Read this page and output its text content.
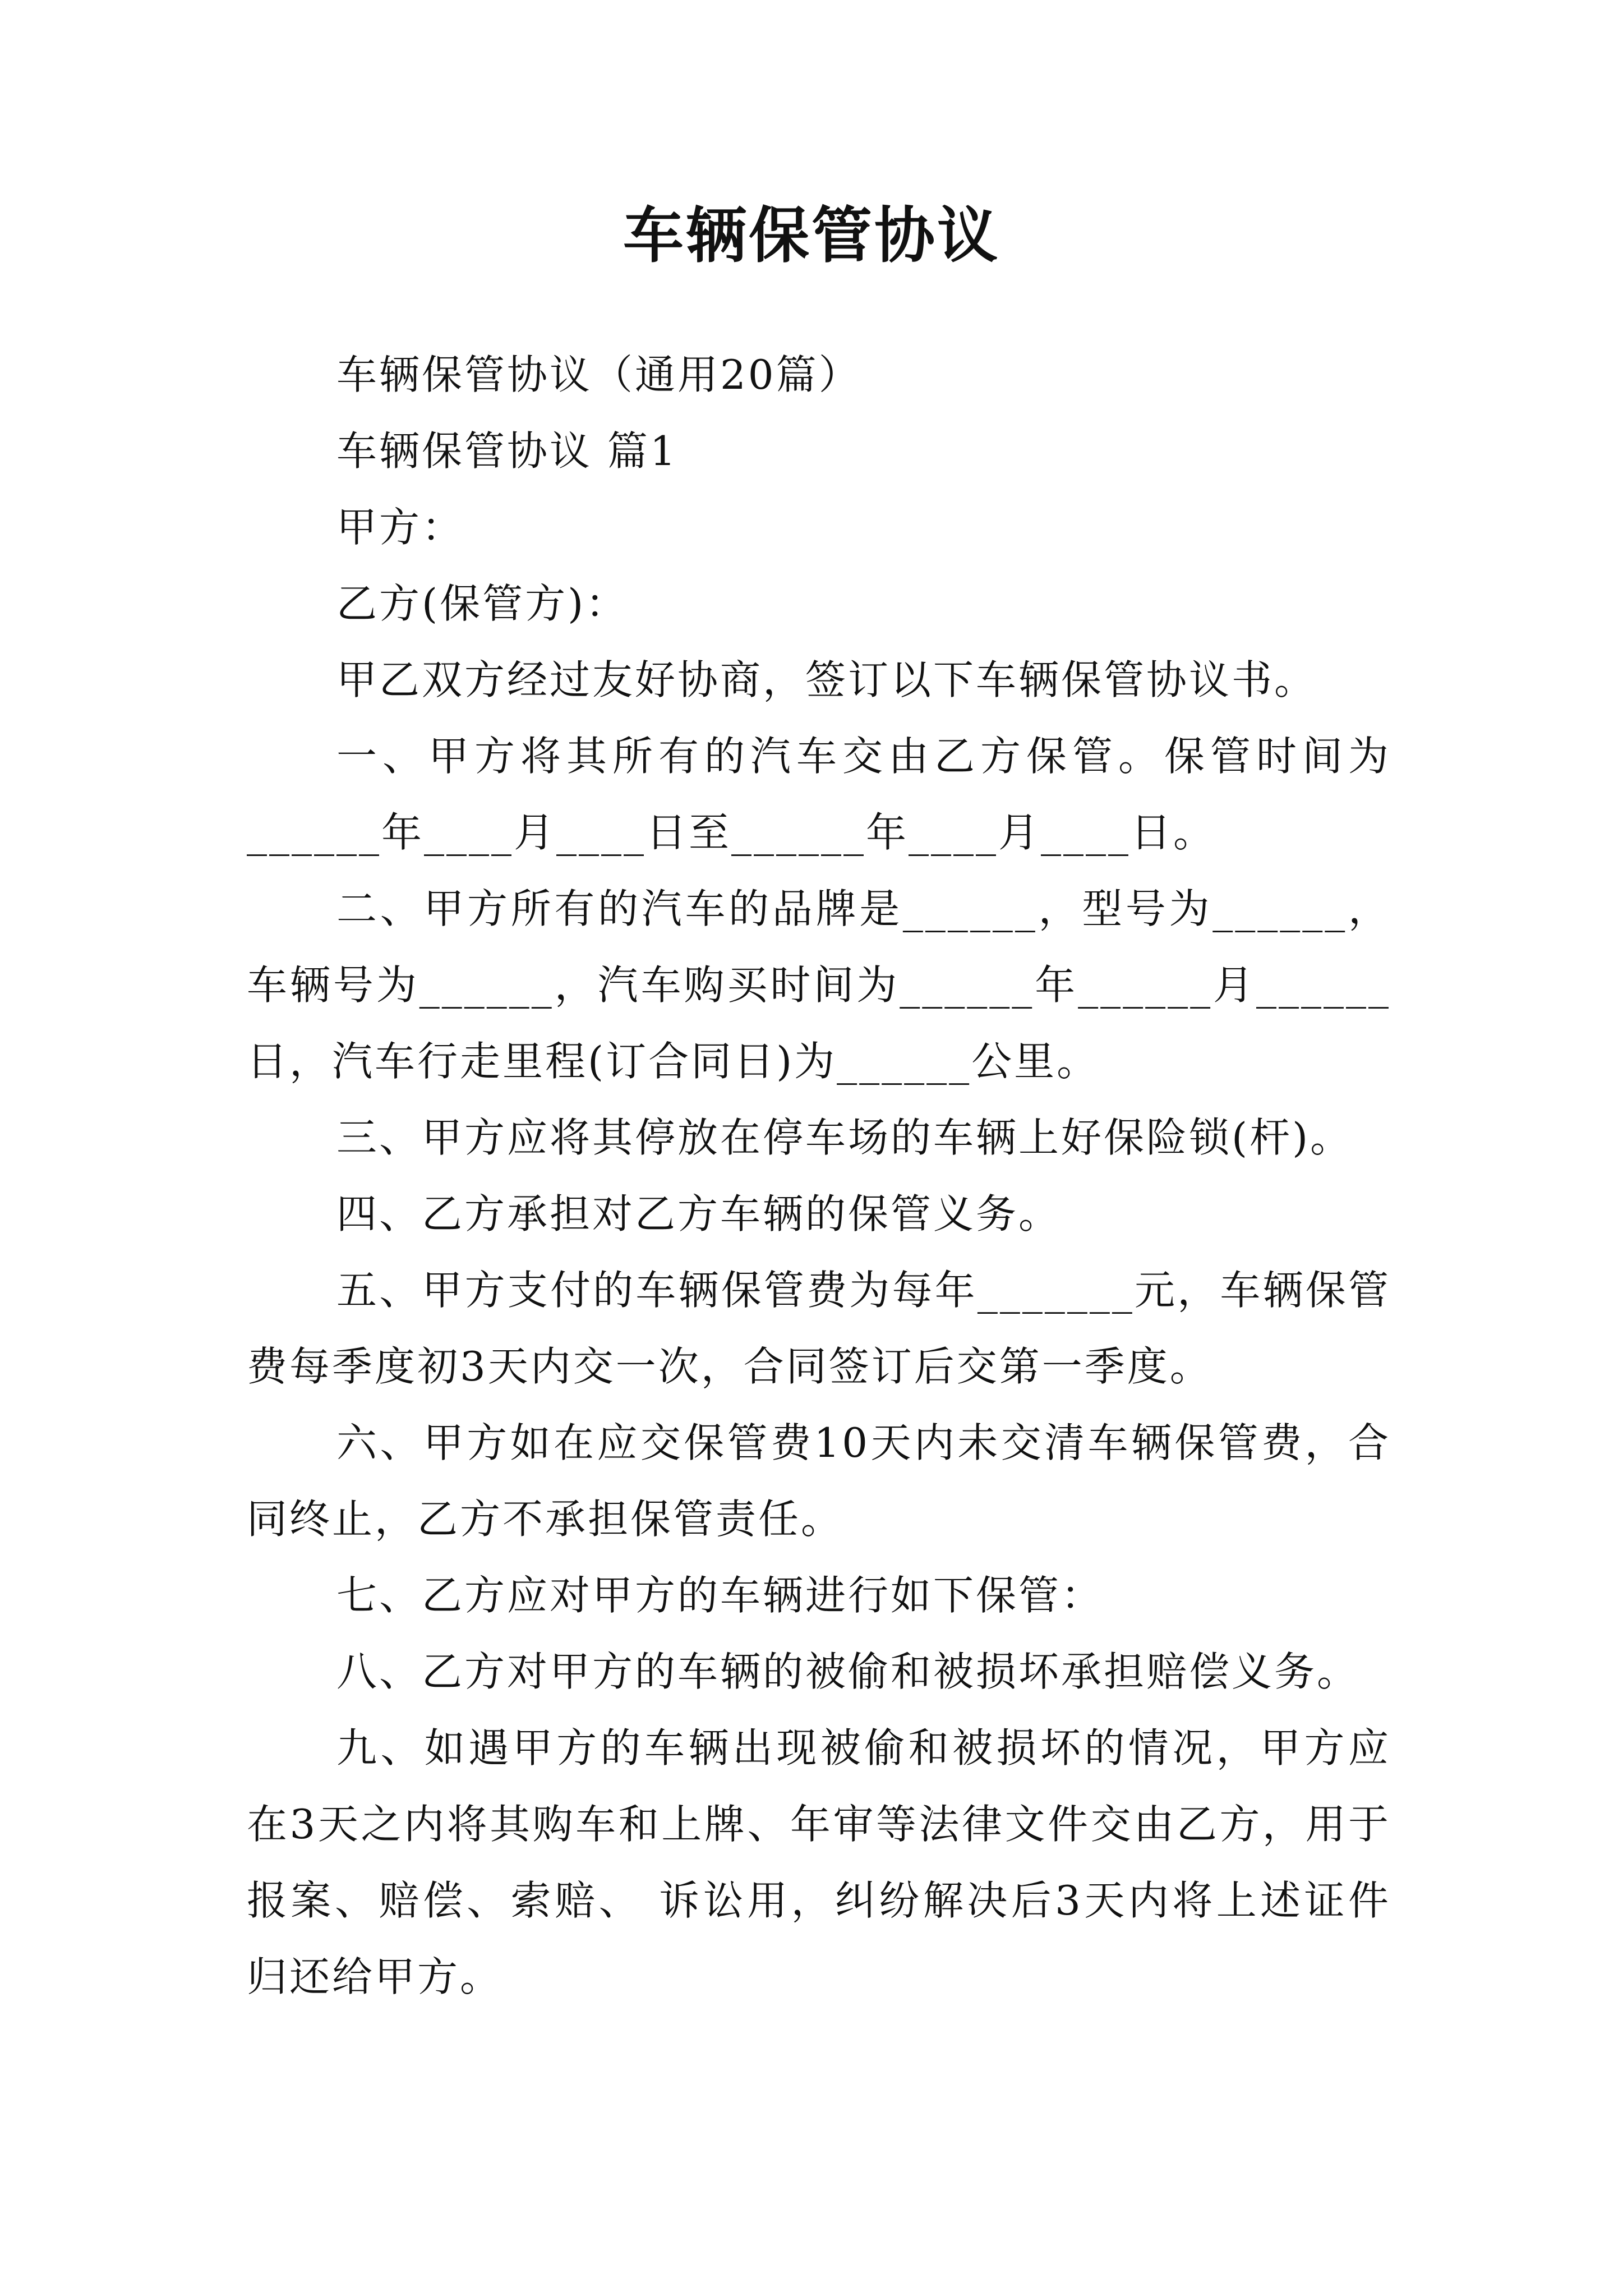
车辆保管协议

车辆保管协议（通用20篇）

车辆保管协议 篇1

甲方：

乙方(保管方)：

甲乙双方经过友好协商，签订以下车辆保管协议书。

一、甲方将其所有的汽车交由乙方保管。保管时间为______年____月____日至______年____月____日。

二、甲方所有的汽车的品牌是______，型号为______，车辆号为______，汽车购买时间为______年______月______日，汽车行走里程(订合同日)为______公里。

三、甲方应将其停放在停车场的车辆上好保险锁(杆)。

四、乙方承担对乙方车辆的保管义务。

五、甲方支付的车辆保管费为每年_______元，车辆保管费每季度初3天内交一次，合同签订后交第一季度。

六、甲方如在应交保管费10天内未交清车辆保管费，合同终止，乙方不承担保管责任。

七、乙方应对甲方的车辆进行如下保管：

八、乙方对甲方的车辆的被偷和被损坏承担赔偿义务。

九、如遇甲方的车辆出现被偷和被损坏的情况，甲方应在3天之内将其购车和上牌、年审等法律文件交由乙方，用于报案、赔偿、索赔、 诉讼用，纠纷解决后3天内将上述证件归还给甲方。
